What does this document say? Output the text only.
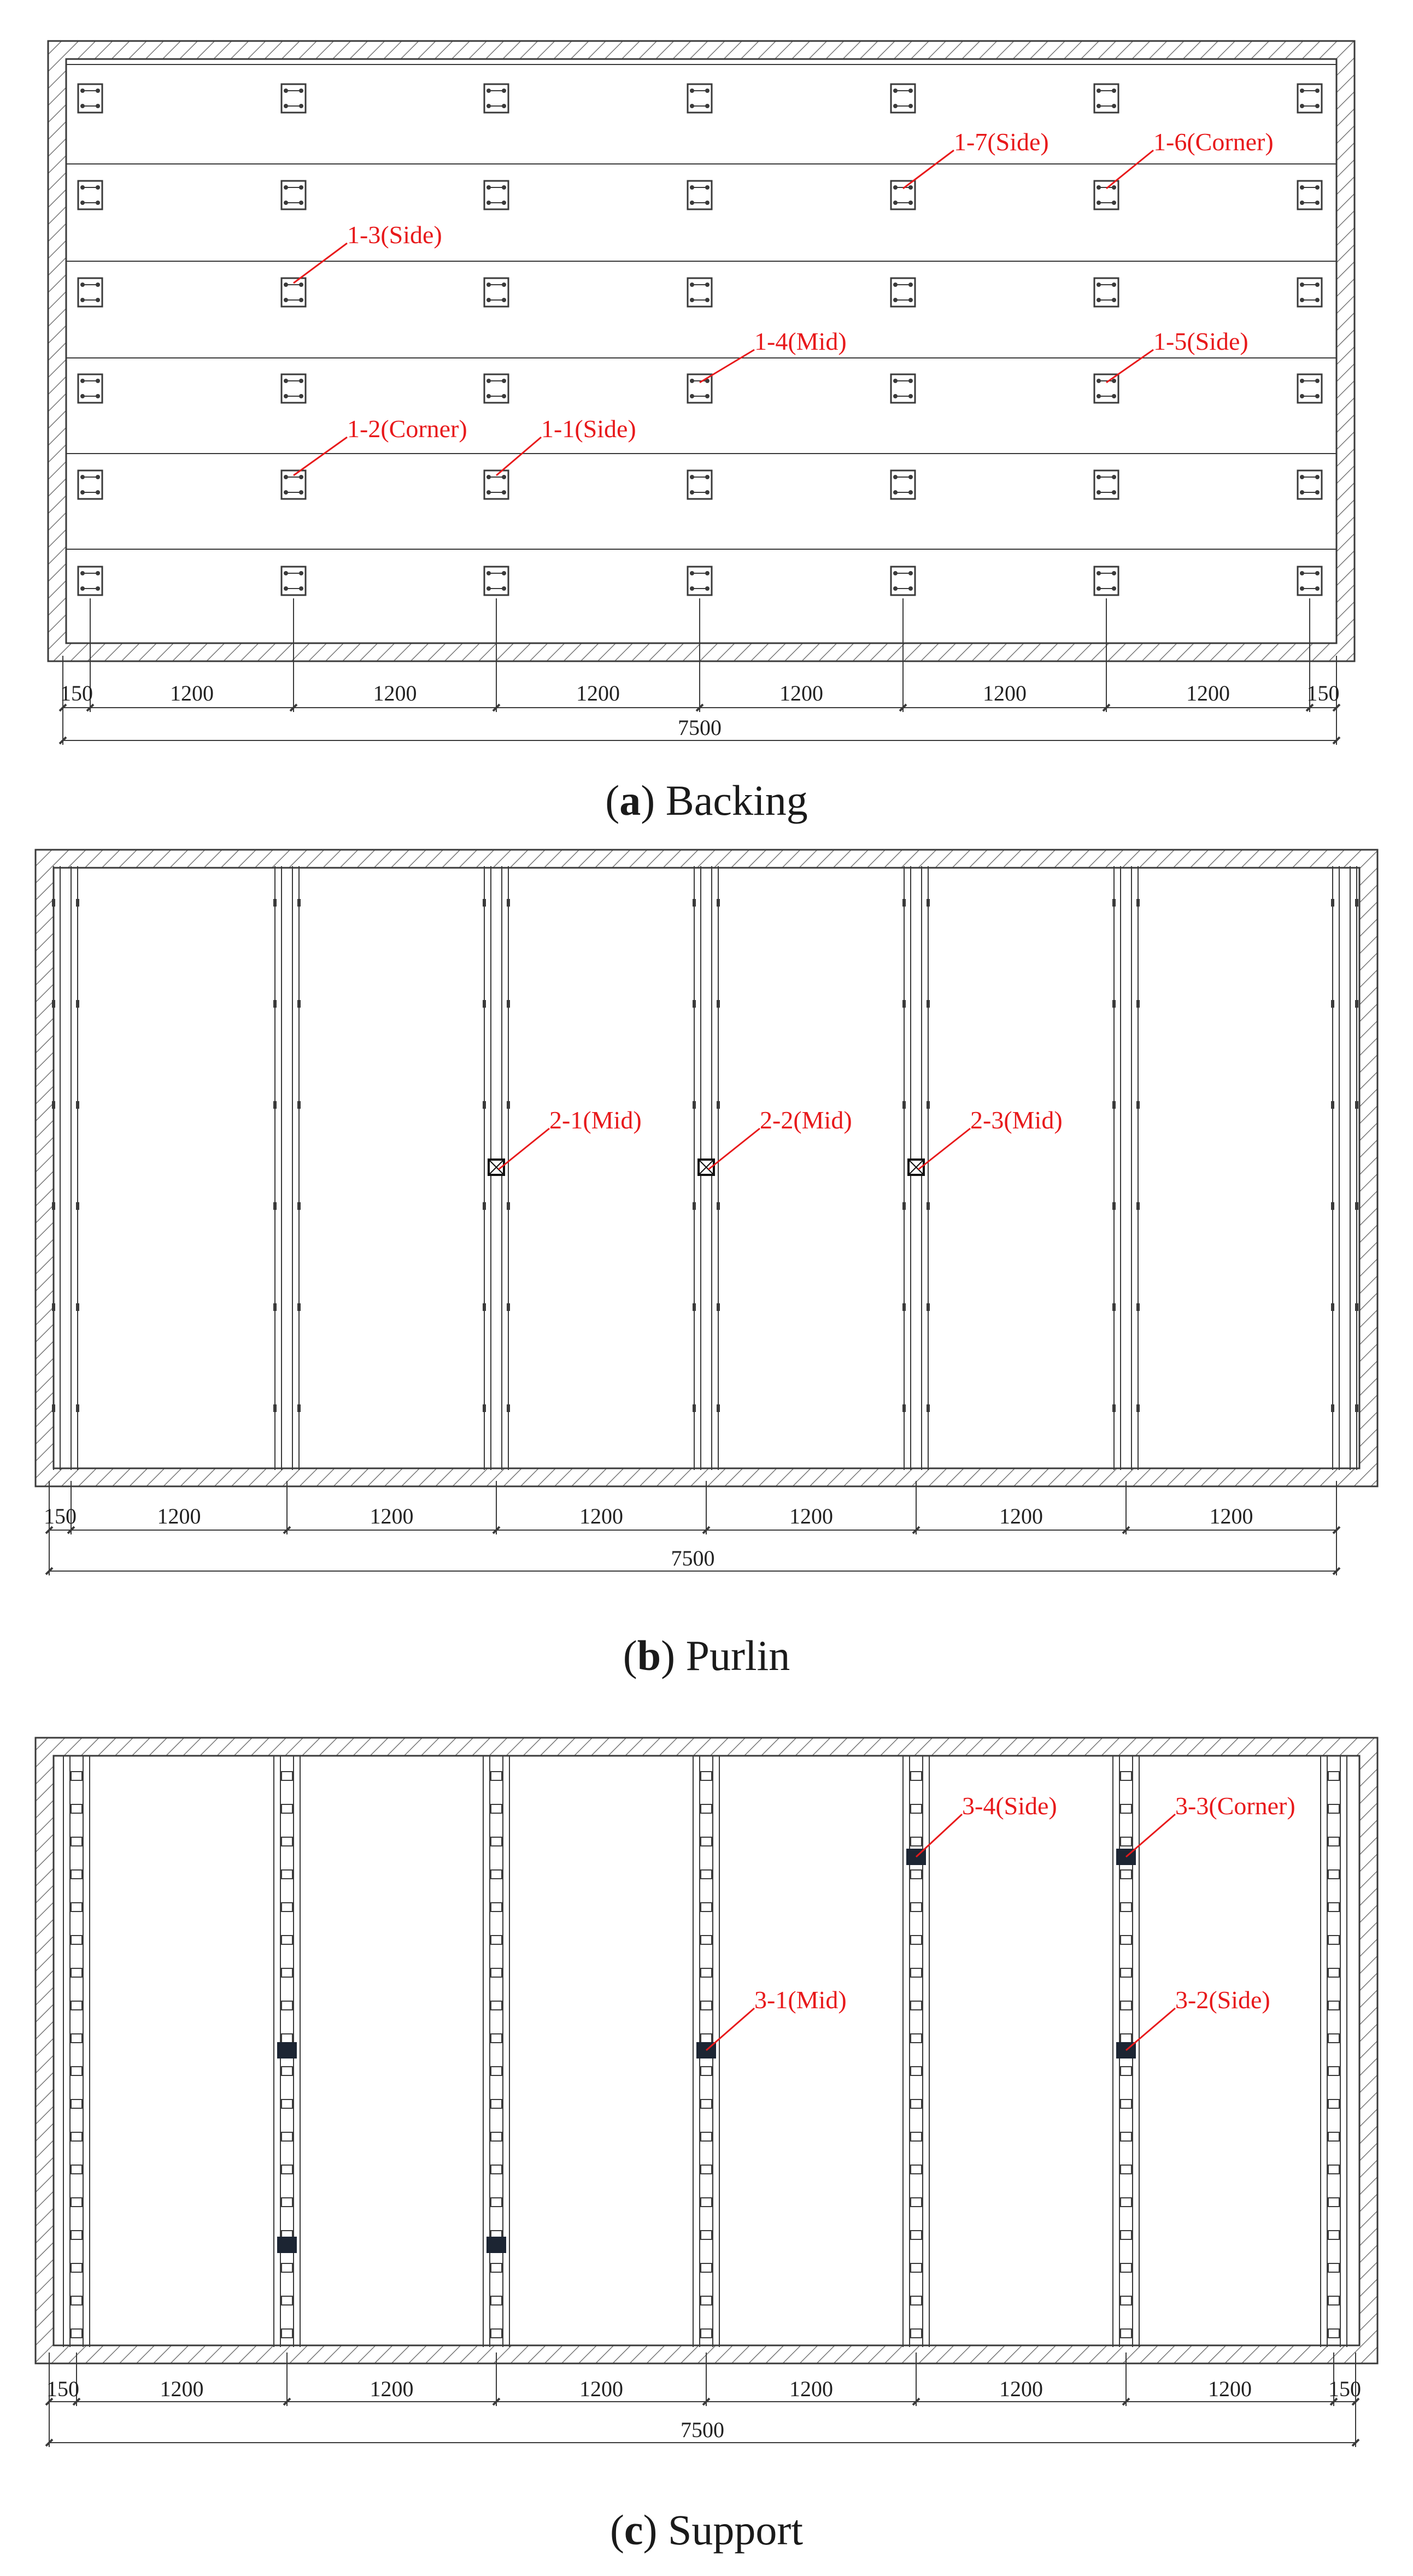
150	1200	1200	1200	1200	1200	1200	150
7500
1-1(Side)
1-2(Corner)
1-3(Side)
1-4(Mid)	1-5(Side)
1-6(Corner)
1-7(Side)
150	1200	1200	1200	1200	1200	1200
7500
2-1(Mid)	2-2(Mid)	2-3(Mid)
150	1200	1200	1200	1200	1200	1200	150
7500
3-1(Mid)	3-2(Side)
3-3(Corner)
3-4(Side)
(a) Backing
(b) Purlin
(c) Support
